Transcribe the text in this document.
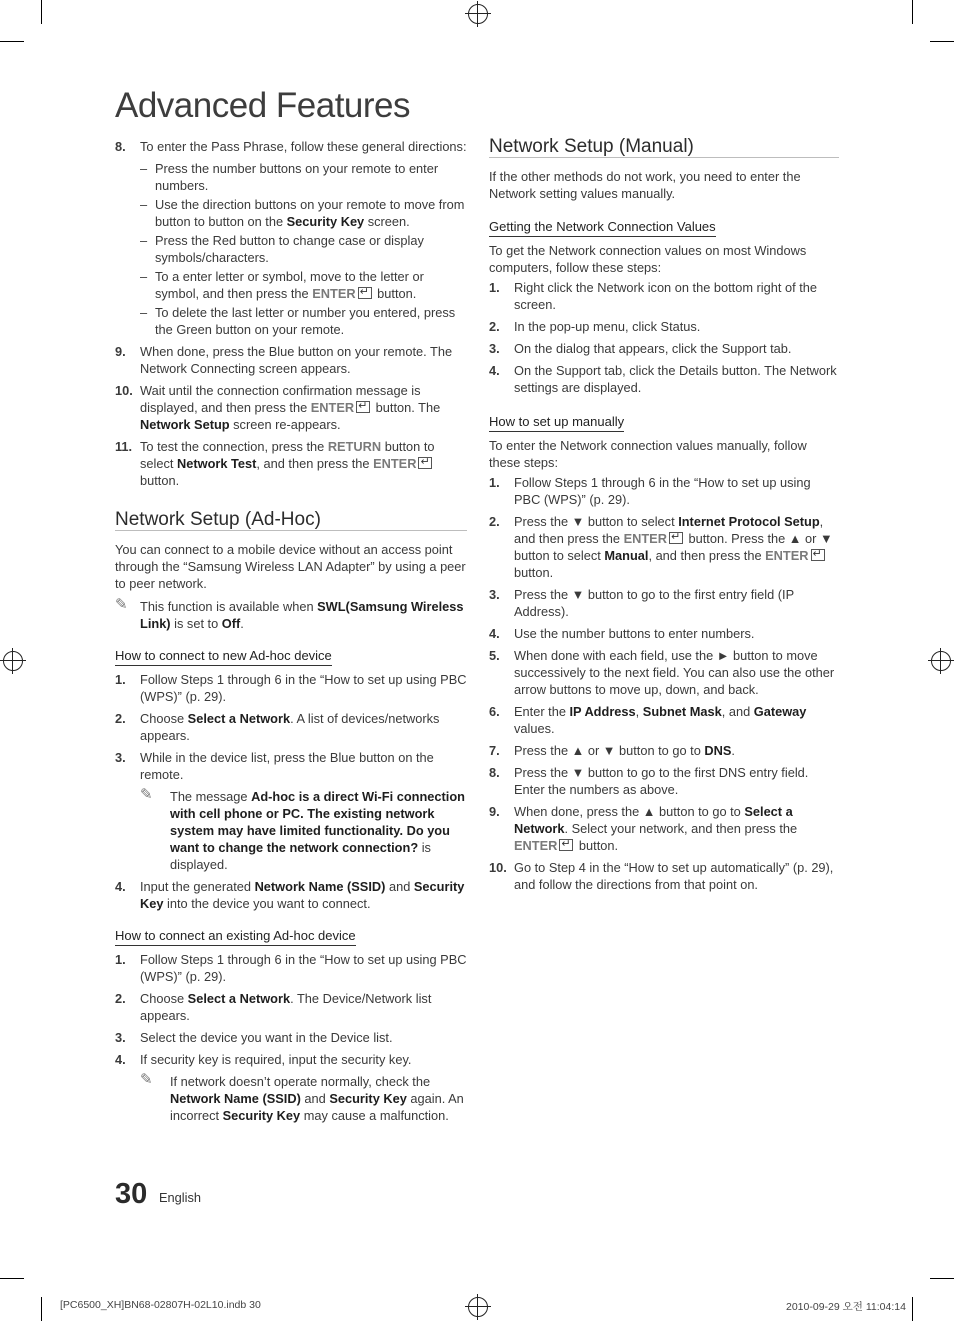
Advanced Features
8. To enter the Pass Phrase, follow these general directions:
– Press the number buttons on your remote to enter numbers.
– Use the direction buttons on your remote to move from button to button on the Security Key screen.
– Press the Red button to change case or display symbols/characters.
– To a enter letter or symbol, move to the letter or symbol, and then press the ENTER↵ button.
– To delete the last letter or number you entered, press the Green button on your remote.
9. When done, press the Blue button on your remote. The Network Connecting screen appears.
10. Wait until the connection confirmation message is displayed, and then press the ENTER↵ button. The Network Setup screen re-appears.
11. To test the connection, press the RETURN button to select Network Test, and then press the ENTER↵ button.
Network Setup (Ad-Hoc)

You can connect to a mobile device without an access point through the “Samsung Wireless LAN Adapter” by using a peer to peer network.

✎ This function is available when SWL(Samsung Wireless Link) is set to Off.
How to connect to new Ad-hoc device
1. Follow Steps 1 through 6 in the “How to set up using PBC (WPS)” (p. 29).
2. Choose Select a Network. A list of devices/networks appears.
3. While in the device list, press the Blue button on the remote.
✎ The message Ad-hoc is a direct Wi-Fi connection with cell phone or PC. The existing network system may have limited functionality. Do you want to change the network connection? is displayed.
4. Input the generated Network Name (SSID) and Security Key into the device you want to connect.
How to connect an existing Ad-hoc device
1. Follow Steps 1 through 6 in the “How to set up using PBC (WPS)” (p. 29).
2. Choose Select a Network. The Device/Network list appears.
3. Select the device you want in the Device list.
4. If security key is required, input the security key.
✎ If network doesn’t operate normally, check the Network Name (SSID) and Security Key again. An incorrect Security Key may cause a malfunction.
Network Setup (Manual)

If the other methods do not work, you need to enter the Network setting values manually.

Getting the Network Connection Values

To get the Network connection values on most Windows computers, follow these steps:

1. Right click the Network icon on the bottom right of the screen.
2. In the pop-up menu, click Status.
3. On the dialog that appears, click the Support tab.
4. On the Support tab, click the Details button. The Network settings are displayed.
How to set up manually

To enter the Network connection values manually, follow these steps:

1. Follow Steps 1 through 6 in the “How to set up using PBC (WPS)” (p. 29).
2. Press the ▼ button to select Internet Protocol Setup, and then press the ENTER↵ button. Press the ▲ or ▼ button to select Manual, and then press the ENTER↵ button.
3. Press the ▼ button to go to the first entry field (IP Address).
4. Use the number buttons to enter numbers.
5. When done with each field, use the ► button to move successively to the next field. You can also use the other arrow buttons to move up, down, and back.
6. Enter the IP Address, Subnet Mask, and Gateway values.
7. Press the ▲ or ▼ button to go to DNS.
8. Press the ▼ button to go to the first DNS entry field. Enter the numbers as above.
9. When done, press the ▲ button to go to Select a Network. Select your network, and then press the ENTER↵ button.
10. Go to Step 4 in the “How to set up automatically” (p. 29), and follow the directions from that point on.
30 English
[PC6500_XH]BN68-02807H-02L10.indb 30	2010-09-29 오전 11:04:14
